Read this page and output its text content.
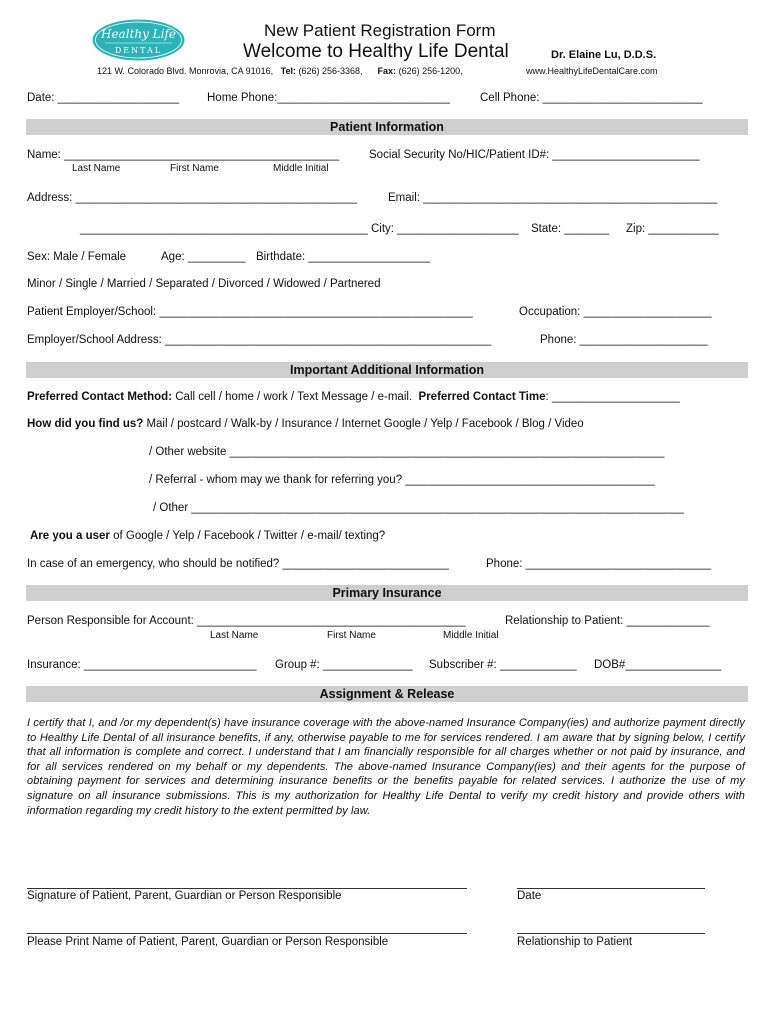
Healthy Life
DENTAL
New Patient Registration Form
Welcome to Healthy Life Dental	Dr. Elaine Lu, D.D.S.
121 W. Colorado Blvd. Monrovia, CA 91016, Tel: (626) 256-3368, Fax: (626) 256-1200,	www.HealthyLifeDentalCare.com
Date: ___________________ Home Phone:___________________________	Cell Phone: _________________________
Patient Information
Name: ___________________________________________	Social Security No/HIC/Patient ID#: _______________________
Last Name	First Name	Middle Initial
Address: ____________________________________________	Email: ______________________________________________
_____________________________________________ City: ___________________ State: _______ Zip: ___________
Sex: Male / Female	Age: _________ Birthdate: ___________________
Minor / Single / Married / Separated / Divorced / Widowed / Partnered
Patient Employer/School: _________________________________________________	Occupation: ____________________
Employer/School Address: ___________________________________________________	Phone: ____________________
Important Additional Information
Preferred Contact Method: Call cell / home / work / Text Message / e-mail. Preferred Contact Time: ____________________
How did you find us? Mail / postcard / Walk-by / Insurance / Internet Google / Yelp / Facebook / Blog / Video
/ Other website ____________________________________________________________________
/ Referral - whom may we thank for referring you? _______________________________________
/ Other _____________________________________________________________________________
Are you a user of Google / Yelp / Facebook / Twitter / e-mail/ texting?
In case of an emergency, who should be notified? __________________________	Phone: _____________________________
Primary Insurance
Person Responsible for Account: __________________________________________	Relationship to Patient: _____________
Last Name	First Name	Middle Initial
Insurance: ___________________________ Group #: ______________ Subscriber #: ____________ DOB#_______________
Assignment & Release
I certify that I, and /or my dependent(s) have insurance coverage with the above-named Insurance Company(ies) and authorize payment directly to Healthy Life Dental of all insurance benefits, if any, otherwise payable to me for services rendered. I am aware that by signing below, I certify that all information is complete and correct. I understand that I am financially responsible for all charges whether or not paid by insurance, and for all services rendered on my behalf or my dependents. The above-named Insurance Company(ies) and their agents for the purpose of obtaining payment for services and determining insurance benefits or the benefits payable for related services. I authorize the use of my signature on all insurance submissions. This is my authorization for Healthy Life Dental to verify my credit history and provide others with information regarding my credit history to the extent permitted by law.
Signature of Patient, Parent, Guardian or Person Responsible	Date
Please Print Name of Patient, Parent, Guardian or Person Responsible	Relationship to Patient
